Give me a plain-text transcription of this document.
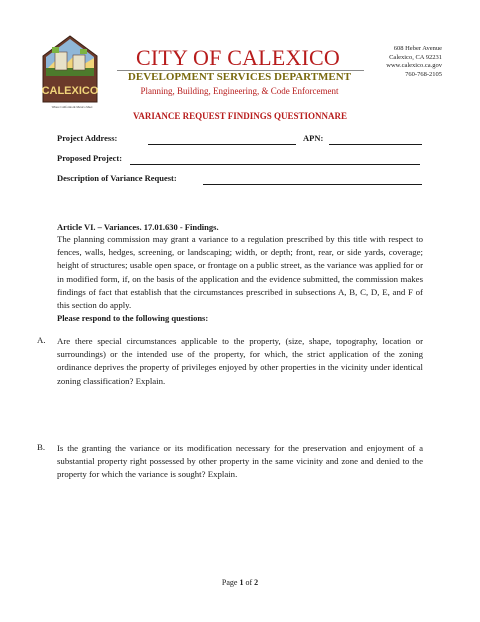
CALEXICO
Where California & Mexico Meet
CITY OF CALEXICO
DEVELOPMENT SERVICES DEPARTMENT
Planning, Building, Engineering, & Code Enforcement
608 Heber Avenue
Calexico, CA 92231
www.calexico.ca.gov
760-768-2105
VARIANCE REQUEST FINDINGS QUESTIONNARE
Project Address:	APN:
Proposed Project:
Description of Variance Request:
Article VI. – Variances. 17.01.630 - Findings.
The planning commission may grant a variance to a regulation prescribed by this title with respect to fences, walls, hedges, screening, or landscaping; width, or depth; front, rear, or side yards, coverage; height of structures; usable open space, or frontage on a public street, as the variance was applied for or in modified form, if, on the basis of the application and the evidence submitted, the commission makes findings of fact that establish that the circumstances prescribed in subsections A, B, C, D, E, and F of this section do apply.
Please respond to the following questions:
A. Are there special circumstances applicable to the property, (size, shape, topography, location or surroundings) or the intended use of the property, for which, the strict application of the zoning ordinance deprives the property of privileges enjoyed by other properties in the vicinity under identical zoning classification? Explain.
B. Is the granting the variance or its modification necessary for the preservation and enjoyment of a substantial property right possessed by other property in the same vicinity and zone and denied to the property for which the variance is sought? Explain.
Page 1 of 2
